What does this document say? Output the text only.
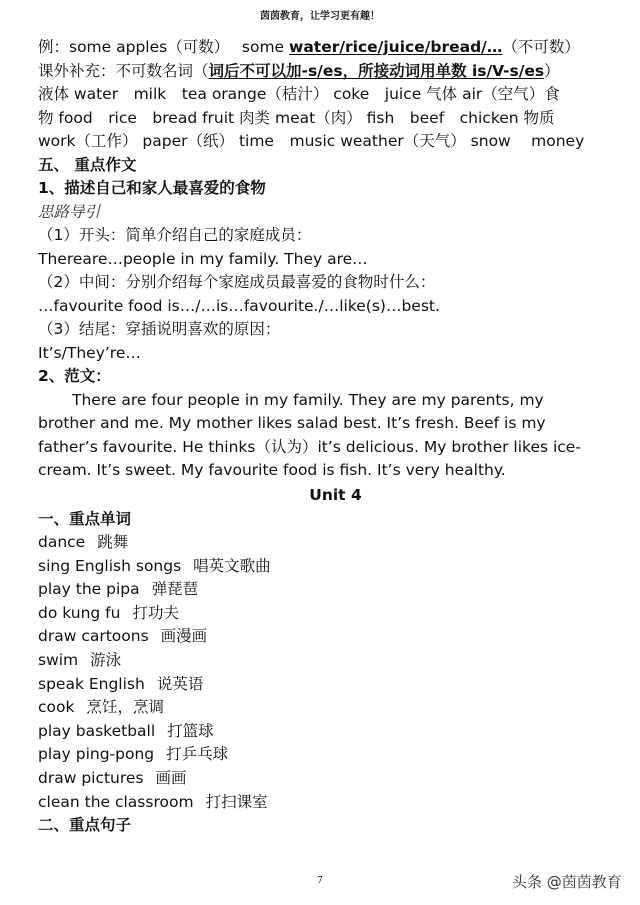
茵茵教育，让学习更有趣！
例：some apples（可数）　 some water/rice/juice/bread/…（不可数）
课外补充：不可数名词（词后不可以加-s/es，所接动词用单数 is/V-s/es）
液体 water　milk　tea orange（桔汁） coke　juice 气体 air（空气）食
物 food　rice　bread fruit 肉类 meat（肉） fish　beef　chicken 物质
work（工作） paper（纸） time　music weather（天气） snow　 money
五、 重点作文
1、描述自己和家人最喜爱的食物
思路导引
（1）开头：简单介绍自己的家庭成员：
Thereare…people in my family. They are…
（2）中间：分别介绍每个家庭成员最喜爱的食物时什么：
…favourite food is…/…is…favourite./…like(s)…best.
（3）结尾：穿插说明喜欢的原因：
It’s/They’re…
2、范文：
There are four people in my family. They are my parents, my brother and me. My mother likes salad best. It’s fresh. Beef is my father’s favourite. He thinks（认为）it’s delicious. My brother likes ice-cream. It’s sweet. My favourite food is fish. It’s very healthy.
Unit 4
一、重点单词
dance 跳舞
sing English songs 唱英文歌曲
play the pipa 弹琵琶
do kung fu 打功夫
draw cartoons 画漫画
swim 游泳
speak English 说英语
cook 烹饪，烹调
play basketball 打篮球
play ping-pong 打乒乓球
draw pictures 画画
clean the classroom 打扫课室
二、重点句子
7	头条 @茵茵教育
